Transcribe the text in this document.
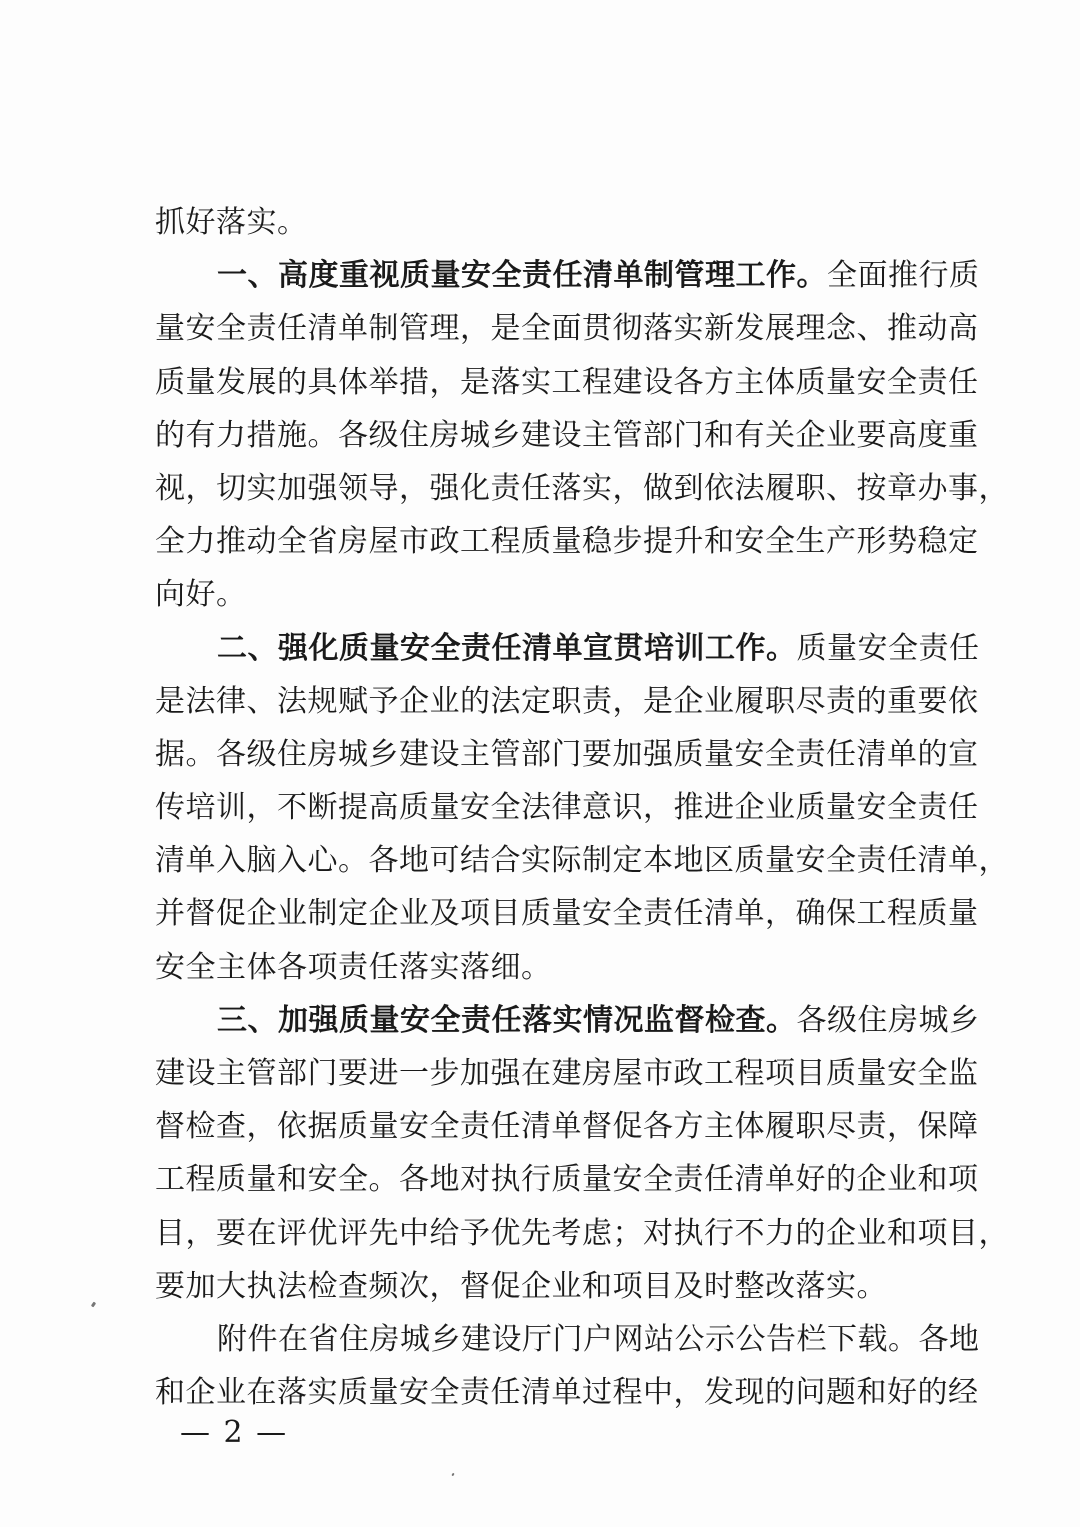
抓好落实。
一、高度重视质量安全责任清单制管理工作。全面推行质
量安全责任清单制管理，是全面贯彻落实新发展理念、推动高
质量发展的具体举措，是落实工程建设各方主体质量安全责任
的有力措施。各级住房城乡建设主管部门和有关企业要高度重
视，切实加强领导，强化责任落实，做到依法履职、按章办事，
全力推动全省房屋市政工程质量稳步提升和安全生产形势稳定
向好。
二、强化质量安全责任清单宣贯培训工作。质量安全责任
是法律、法规赋予企业的法定职责，是企业履职尽责的重要依
据。各级住房城乡建设主管部门要加强质量安全责任清单的宣
传培训，不断提高质量安全法律意识，推进企业质量安全责任
清单入脑入心。各地可结合实际制定本地区质量安全责任清单，
并督促企业制定企业及项目质量安全责任清单，确保工程质量
安全主体各项责任落实落细。
三、加强质量安全责任落实情况监督检查。各级住房城乡
建设主管部门要进一步加强在建房屋市政工程项目质量安全监
督检查，依据质量安全责任清单督促各方主体履职尽责，保障
工程质量和安全。各地对执行质量安全责任清单好的企业和项
目，要在评优评先中给予优先考虑；对执行不力的企业和项目，
要加大执法检查频次，督促企业和项目及时整改落实。
附件在省住房城乡建设厅门户网站公示公告栏下载。各地
和企业在落实质量安全责任清单过程中，发现的问题和好的经
— 2 —
